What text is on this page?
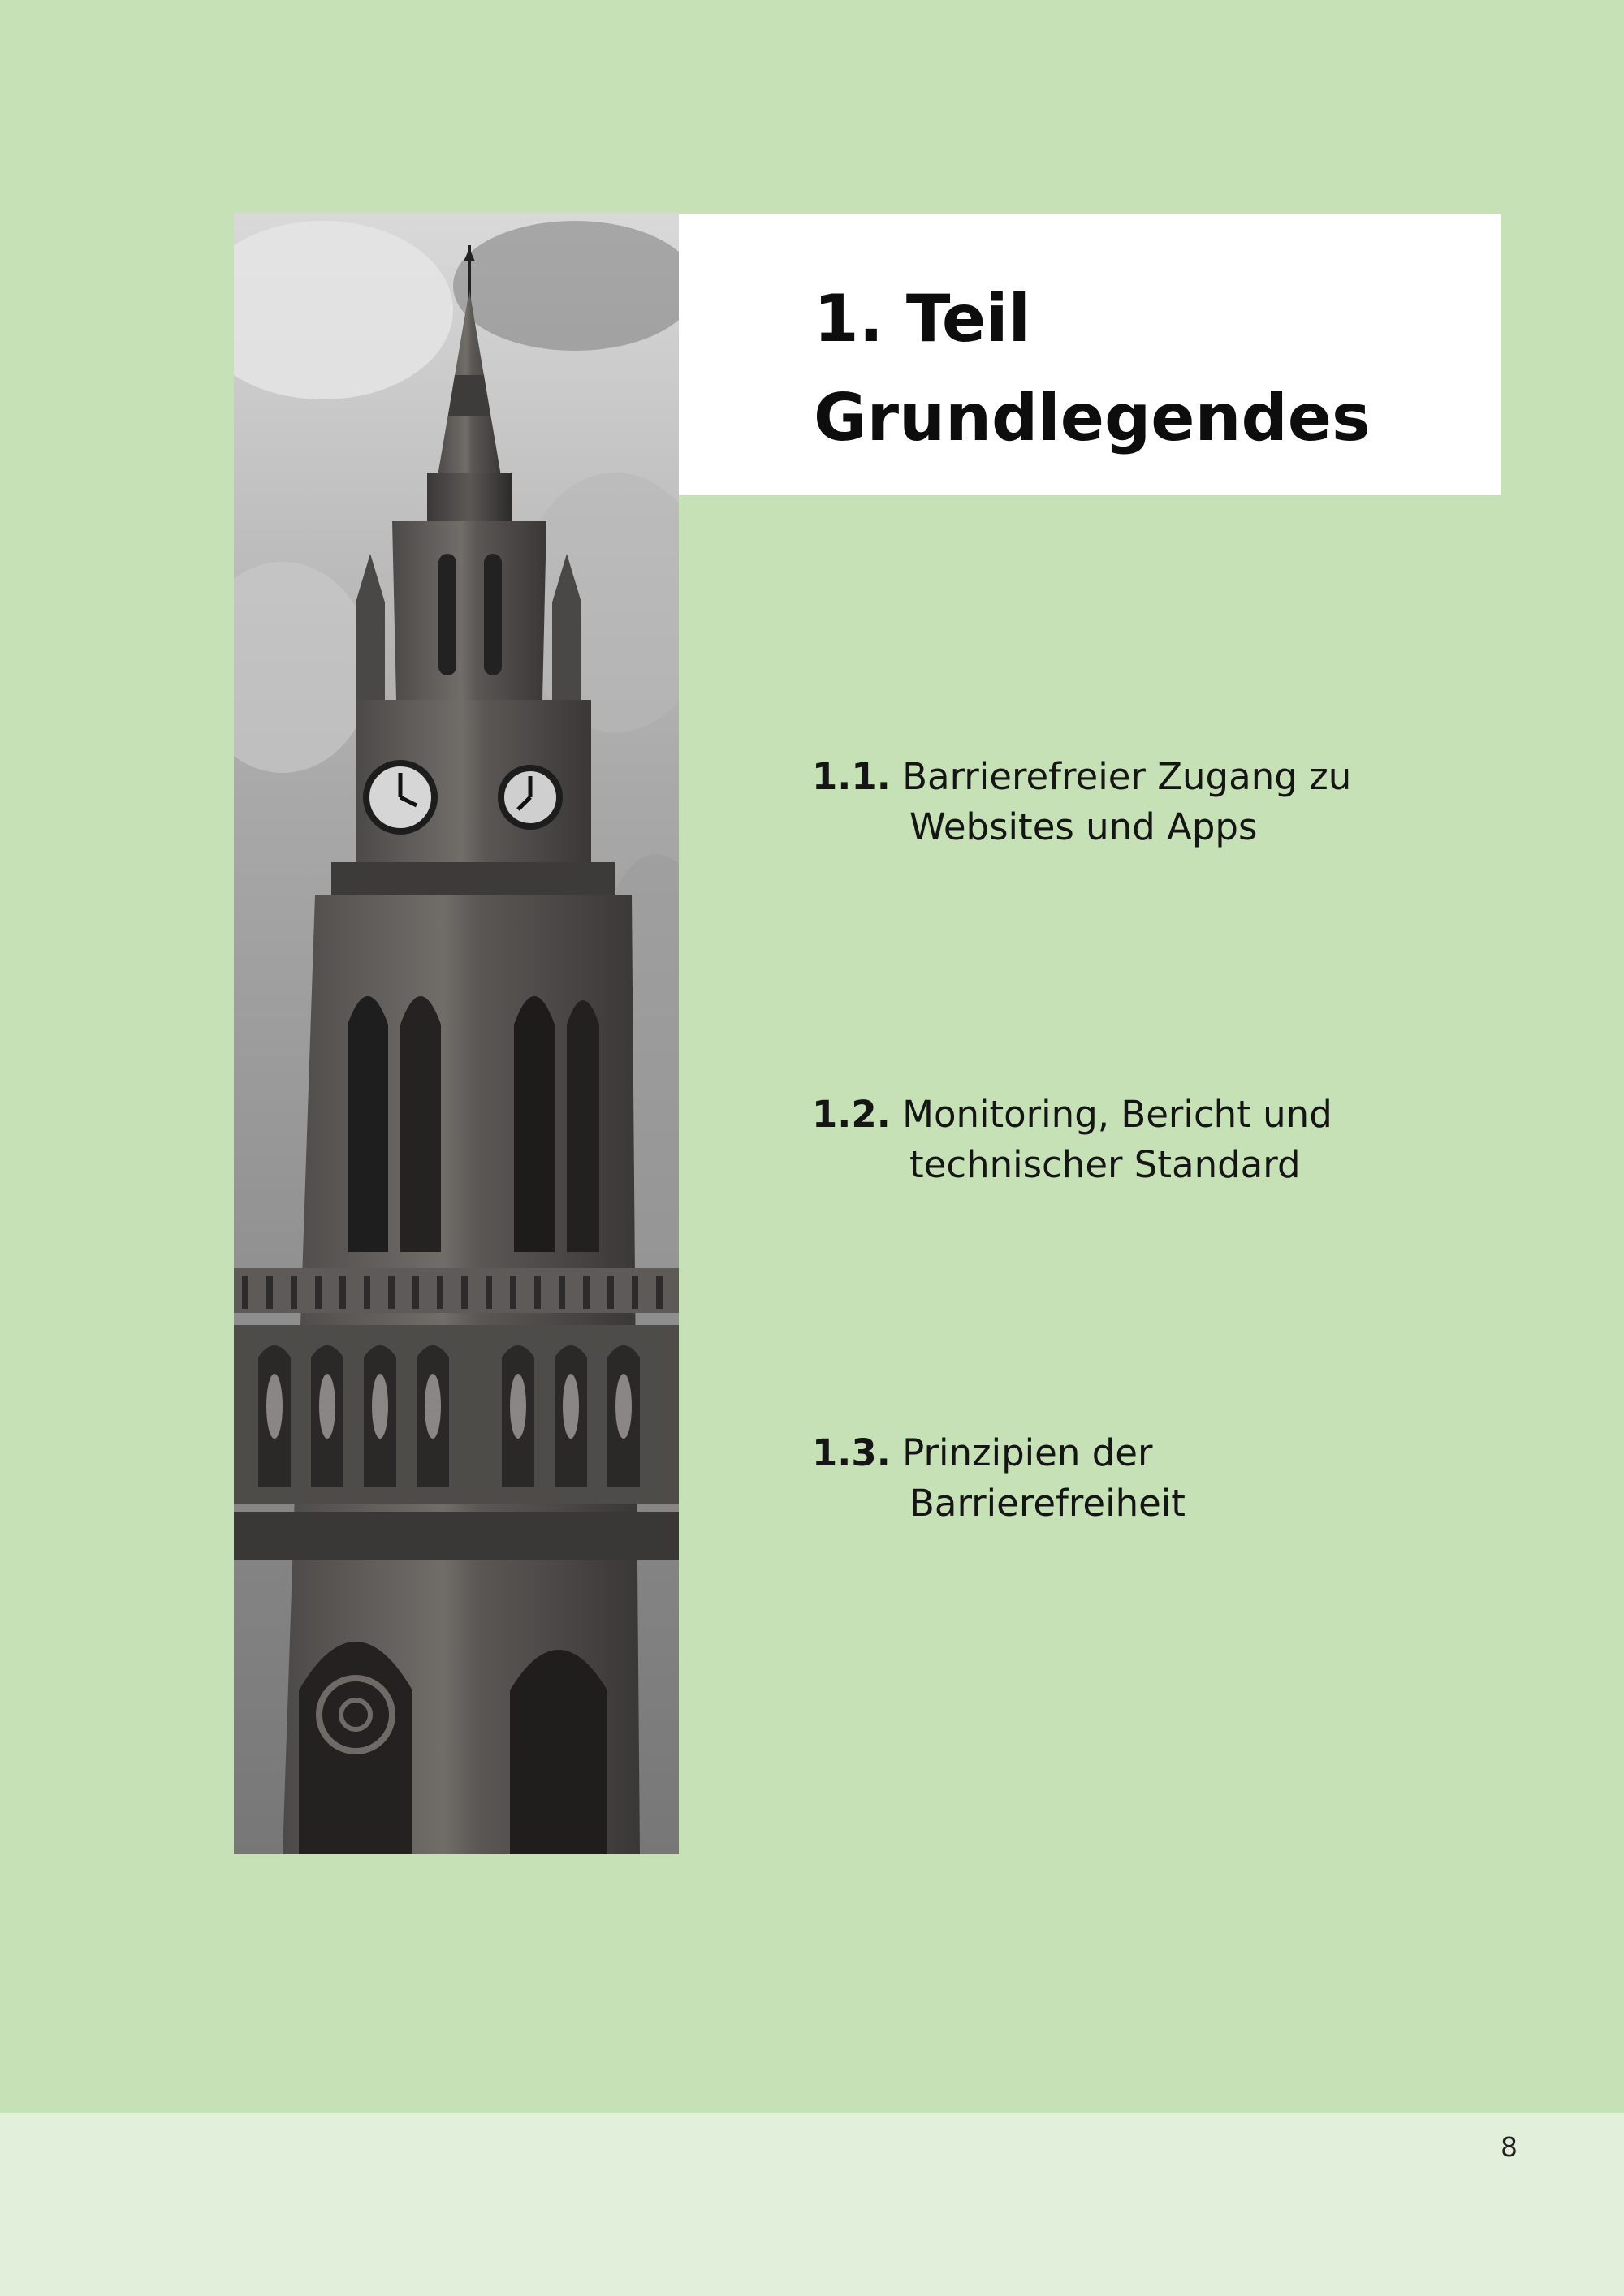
1. Teil
Grundlegendes
1.1. Barrierefreier Zugang zu
Websites und Apps
1.2. Monitoring, Bericht und
technischer Standard
1.3. Prinzipien der
Barrierefreiheit
8
